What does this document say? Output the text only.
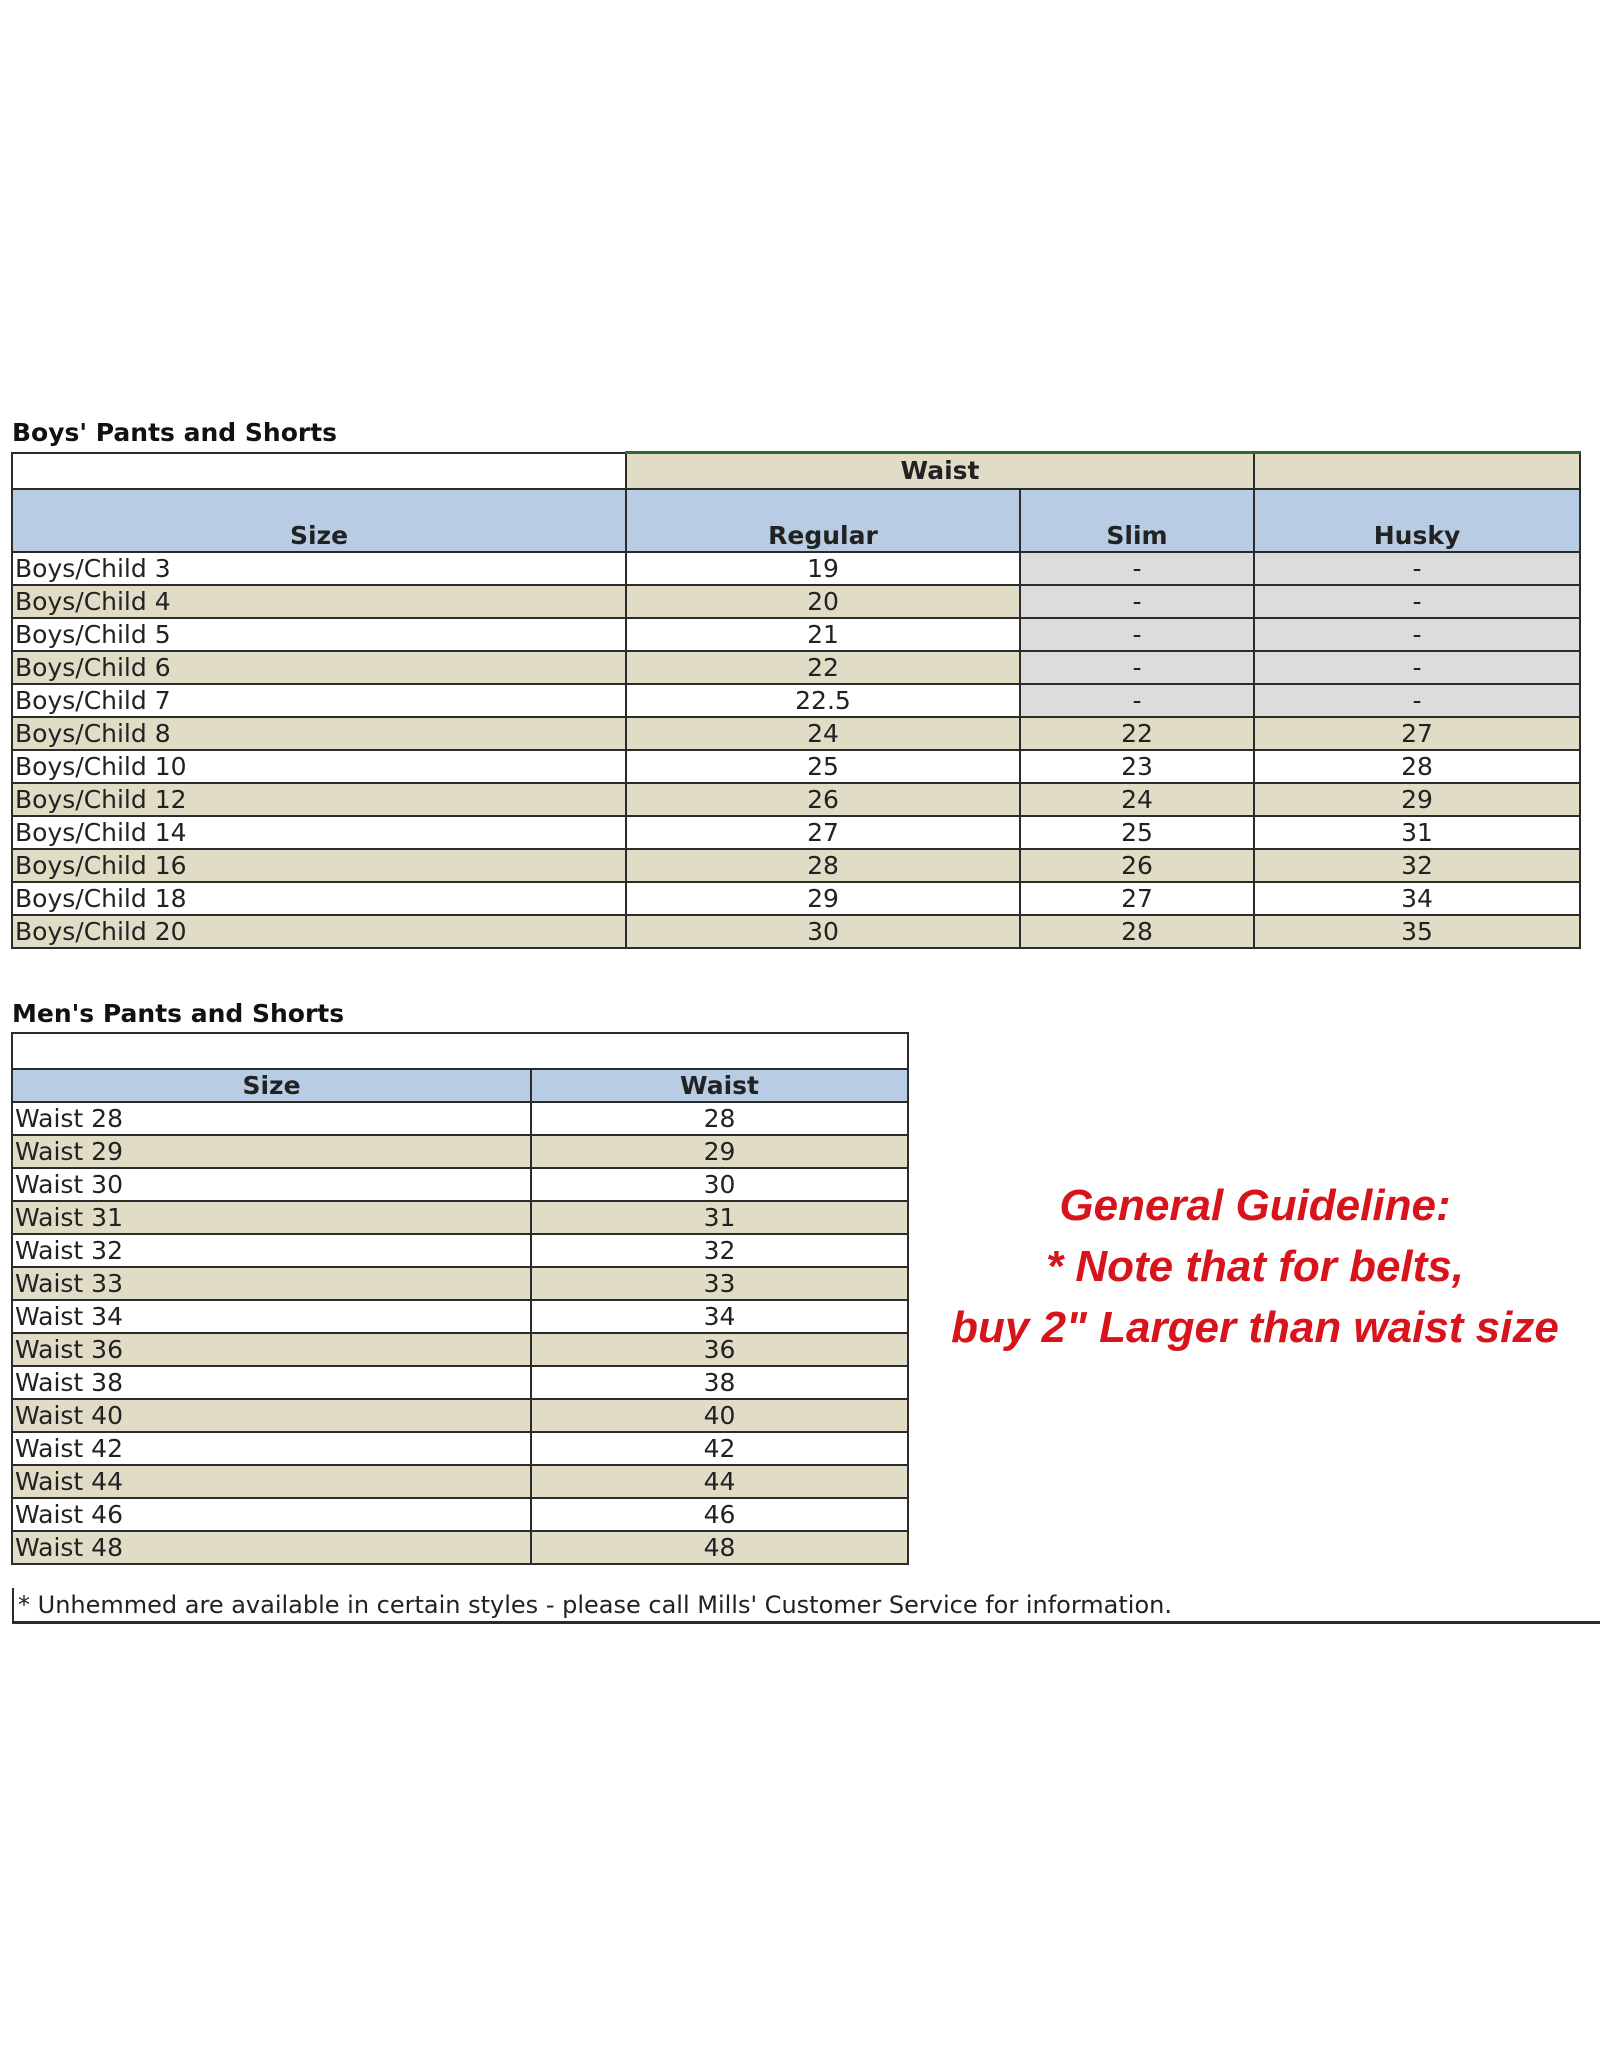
Boys' Pants and Shorts
	Waist		
Size	Regular	Slim	Husky
Boys/Child 3	19	-	-
Boys/Child 4	20	-	-
Boys/Child 5	21	-	-
Boys/Child 6	22	-	-
Boys/Child 7	22.5	-	-
Boys/Child 8	24	22	27
Boys/Child 10	25	23	28
Boys/Child 12	26	24	29
Boys/Child 14	27	25	31
Boys/Child 16	28	26	32
Boys/Child 18	29	27	34
Boys/Child 20	30	28	35
Men's Pants and Shorts

Size	Waist
Waist 28	28
Waist 29	29
Waist 30	30
Waist 31	31
Waist 32	32
Waist 33	33
Waist 34	34
Waist 36	36
Waist 38	38
Waist 40	40
Waist 42	42
Waist 44	44
Waist 46	46
Waist 48	48
* Unhemmed are available in certain styles - please call Mills' Customer Service for information.
General Guideline:
* Note that for belts,
buy 2" Larger than waist size
